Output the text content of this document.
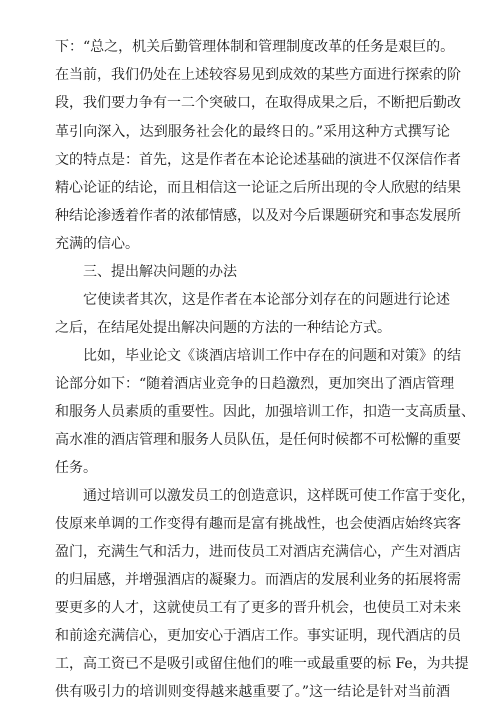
下：“总之，机关后勤管理体制和管理制度改革的任务是艰巨的。
在当前，我们仍处在上述较容易见到成效的某些方面进行探索的阶
段，我们要力争有一二个突破口，在取得成果之后，不断把后勤改
革引向深入，达到服务社会化的最终日的。”采用这种方式撰写论
文的特点是：首先，这是作者在本论论述基础的演进不仅深信作者
精心论证的结论，而且相信这一论证之后所出现的令人欣慰的结果
种结论渗透着作者的浓郁情感，以及对今后课题研究和事态发展所
充满的信心。
三、提出解决问题的办法
它使读者其次，这是作者在本论部分刘存在的问题进行论述
之后，在结尾处提出解决问题的方法的一种结论方式。
比如，毕业论文《谈酒店培训工作中存在的问题和对策》的结
论部分如下：“随着酒店业竞争的日趋激烈，更加突出了酒店管理
和服务人员素质的重要性。因此，加强培训工作，扣造一支高质量、
高水准的酒店管理和服务人员队伍，是任何时候都不可松懈的重要
任务。
通过培训可以激发员工的创造意识，这样既可使工作富于变化，
伎原来单调的工作变得有趣而是富有挑战性，也会使酒店始终宾客
盈门，充满生气和活力，进而伎员工对酒店充满信心，产生对酒店
的归届感，并增强酒店的凝聚力。而酒店的发展利业务的拓展将需
要更多的人才，这就使员工有了更多的晋升机会，也使员工对未来
和前途充满信心，更加安心于酒店工作。事实证明，现代酒店的员
工，高工资已不是吸引或留住他们的唯一或最重要的标 Fe，为共提
供有吸引力的培训则变得越来越重要了。”这一结论是针对当前酒
